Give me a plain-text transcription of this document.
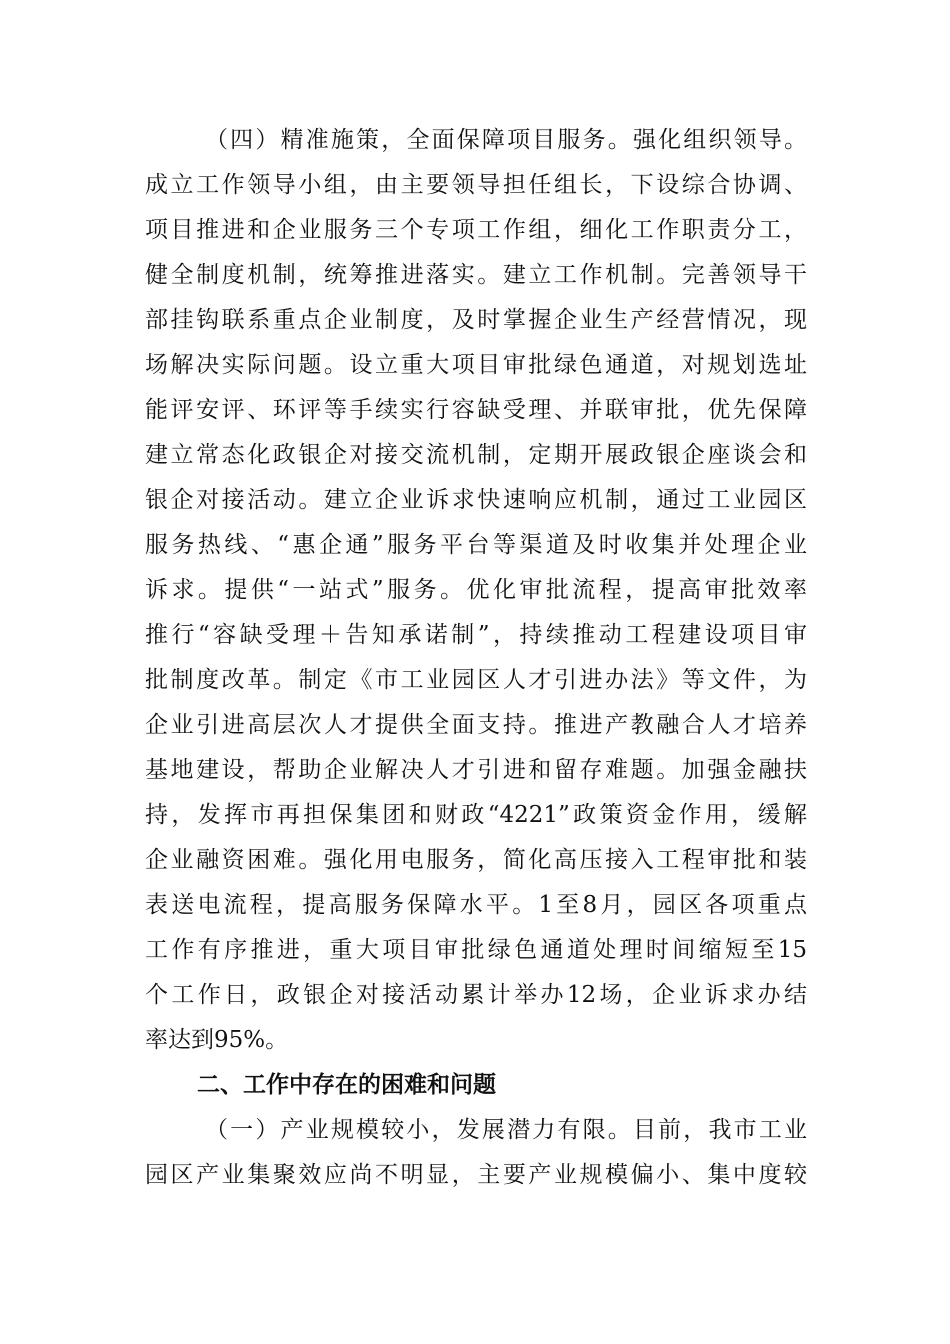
（四）精准施策，全面保障项目服务。强化组织领导。
成立工作领导小组，由主要领导担任组长，下设综合协调、
项目推进和企业服务三个专项工作组，细化工作职责分工，
健全制度机制，统筹推进落实。建立工作机制。完善领导干
部挂钩联系重点企业制度，及时掌握企业生产经营情况，现
场解决实际问题。设立重大项目审批绿色通道，对规划选址
能评安评、环评等手续实行容缺受理、并联审批，优先保障
建立常态化政银企对接交流机制，定期开展政银企座谈会和
银企对接活动。建立企业诉求快速响应机制，通过工业园区
服务热线、“惠企通”服务平台等渠道及时收集并处理企业
诉求。提供“一站式”服务。优化审批流程，提高审批效率
推行“容缺受理＋告知承诺制”，持续推动工程建设项目审
批制度改革。制定《市工业园区人才引进办法》等文件，为
企业引进高层次人才提供全面支持。推进产教融合人才培养
基地建设，帮助企业解决人才引进和留存难题。加强金融扶
持，发挥市再担保集团和财政“4221”政策资金作用，缓解
企业融资困难。强化用电服务，简化高压接入工程审批和装
表送电流程，提高服务保障水平。1至8月，园区各项重点
工作有序推进，重大项目审批绿色通道处理时间缩短至15
个工作日，政银企对接活动累计举办12场，企业诉求办结
率达到95%。
二、工作中存在的困难和问题
（一）产业规模较小，发展潜力有限。目前，我市工业
园区产业集聚效应尚不明显，主要产业规模偏小、集中度较
